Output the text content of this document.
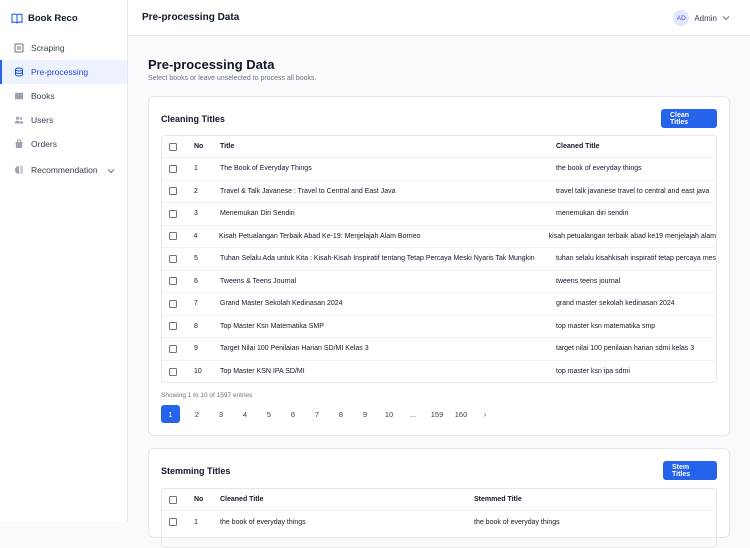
Book Reco
Scraping
Pre-processing
Books
Users
Orders
Recommendation
Pre-processing Data	AD	Admin
Pre-processing Data
Select books or leave unselected to process all books.
Cleaning Titles	Clean Titles
No	Title	Cleaned Title
1	The Book of Everyday Things	the book of everyday things
2	Travel & Talk Javanese : Travel to Central and East Java	travel talk javanese travel to central and east java
3	Menemukan Diri Sendiri	menemukan diri sendiri
4	Kisah Petualangan Terbaik Abad Ke-19: Menjelajah Alam Borneo	kisah petualangan terbaik abad ke19 menjelajah alam
5	Tuhan Selalu Ada untuk Kita : Kisah-Kisah Inspiratif tentang Tetap Percaya Meski Nyaris Tak Mungkin	tuhan selalu kisahkisah inspiratif tetap percaya mes
6	Tweens & Teens Journal	tweens teens journal
7	Grand Master Sekolah Kedinasan 2024	grand master sekolah kedinasan 2024
8	Top Master Ksn Matematika SMP	top master ksn matematika smp
9	Target Nilai 100 Penilaian Harian SD/MI Kelas 3	target nilai 100 penilaian harian sdmi kelas 3
10	Top Master KSN IPA SD/MI	top master ksn ipa sdmi
Showing 1 to 10 of 1597 entries
1	2	3	4	5	6	7	8	9	10	...	159	160	›
Stemming Titles	Stem Titles
No	Cleaned Title	Stemmed Title
1	the book of everyday things	the book of everyday things
